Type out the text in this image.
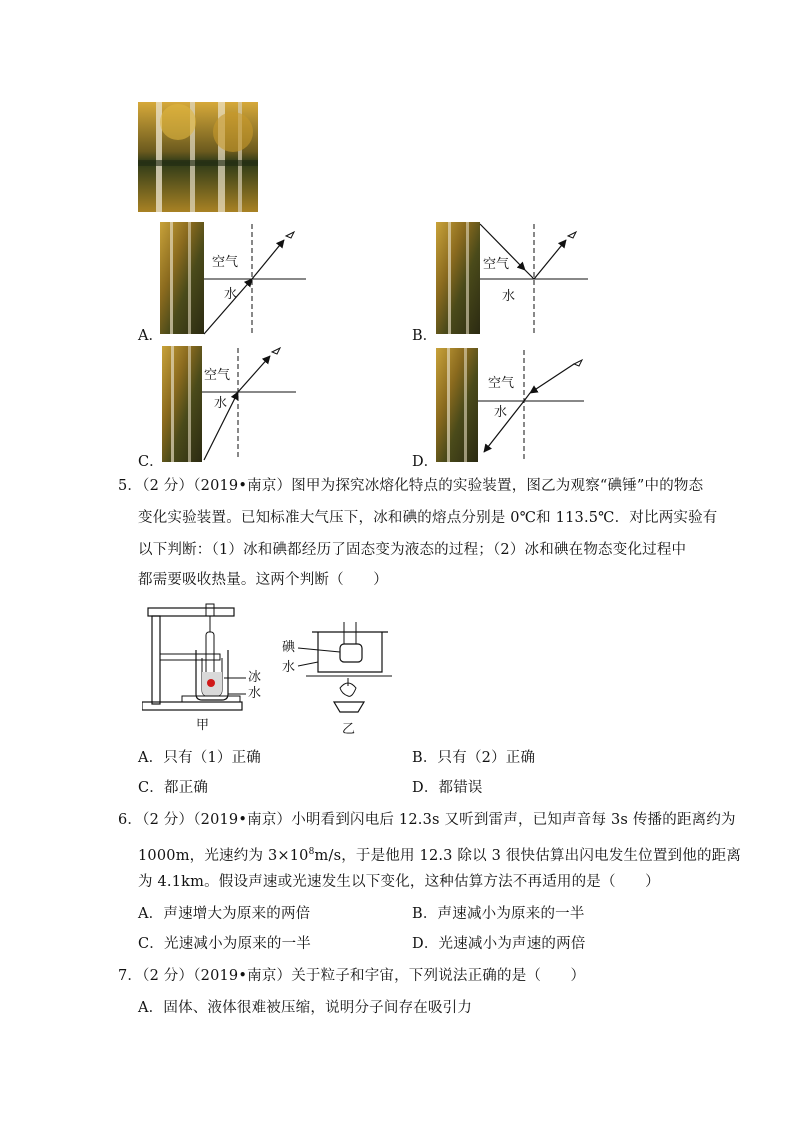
空气
水
A．
空气
水
B．
空气
水
C．
空气
水
D．
5．（2 分）（2019•南京）图甲为探究冰熔化特点的实验装置，图乙为观察“碘锤”中的物态
变化实验装置。已知标准大气压下，冰和碘的熔点分别是 0℃和 113.5℃．对比两实验有
以下判断：（1）冰和碘都经历了固态变为液态的过程；（2）冰和碘在物态变化过程中
都需要吸收热量。这两个判断（　　）
冰
水
甲
碘
水
乙
A．只有（1）正确	B．只有（2）正确
C．都正确	D．都错误
6．（2 分）（2019•南京）小明看到闪电后 12.3s 又听到雷声，已知声音每 3s 传播的距离约为
1000m，光速约为 $3\times 10^8m/s$，于是他用 12.3 除以 3 很快估算出闪电发生位置到他的距离
为 4.1km。假设声速或光速发生以下变化，这种估算方法不再适用的是（　　）
A．声速增大为原来的两倍	B．声速减小为原来的一半
C．光速减小为原来的一半	D．光速减小为声速的两倍
7．（2 分）（2019•南京）关于粒子和宇宙，下列说法正确的是（　　）
A．固体、液体很难被压缩，说明分子间存在吸引力
